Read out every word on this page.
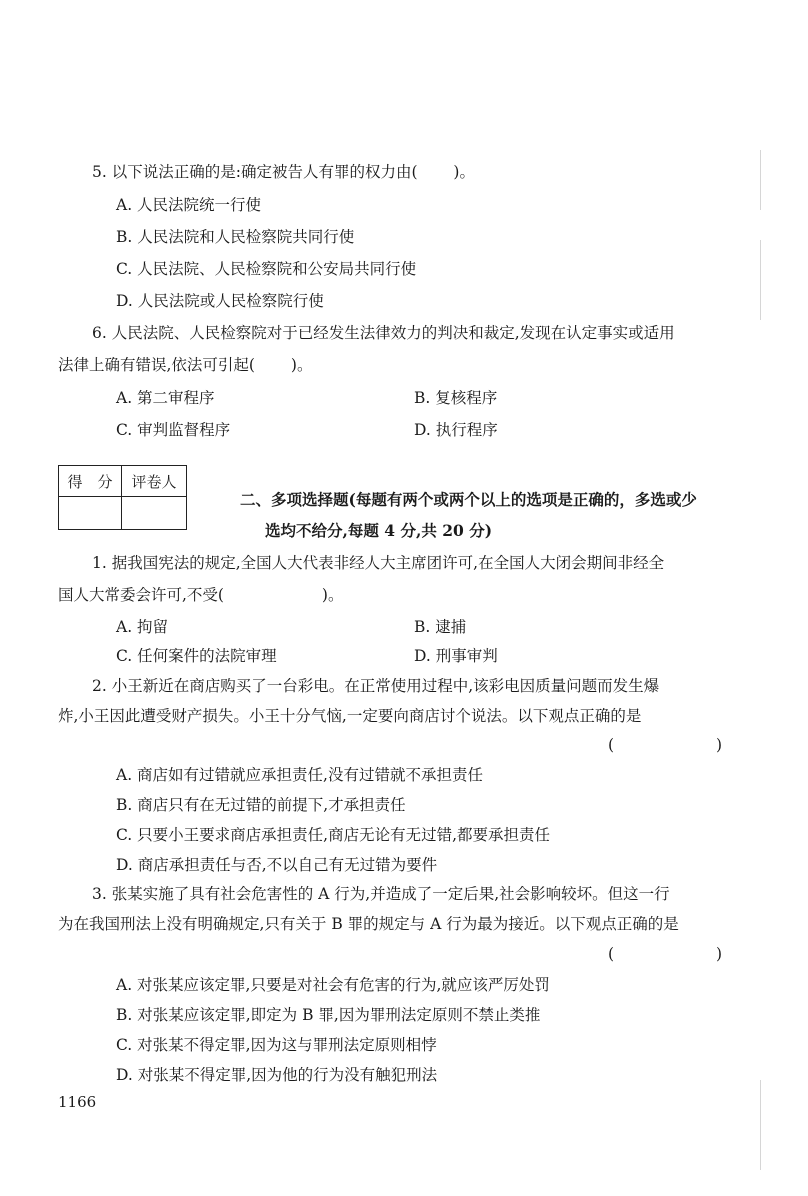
5. 以下说法正确的是:确定被告人有罪的权力由(　　 )。
A. 人民法院统一行使
B. 人民法院和人民检察院共同行使
C. 人民法院、人民检察院和公安局共同行使
D. 人民法院或人民检察院行使
6. 人民法院、人民检察院对于已经发生法律效力的判决和裁定,发现在认定事实或适用
法律上确有错误,依法可引起(　　 )。
A. 第二审程序	B. 复核程序
C. 审判监督程序	D. 执行程序
得　分	评卷人

二、多项选择题(每题有两个或两个以上的选项是正确的，多选或少
选均不给分,每题 4 分,共 20 分)
1. 据我国宪法的规定,全国人大代表非经人大主席团许可,在全国人大闭会期间非经全
国人大常委会许可,不受(　　　　　　 )。
A. 拘留	B. 逮捕
C. 任何案件的法院审理	D. 刑事审判
2. 小王新近在商店购买了一台彩电。在正常使用过程中,该彩电因质量问题而发生爆
炸,小王因此遭受财产损失。小王十分气恼,一定要向商店讨个说法。以下观点正确的是
(	)
A. 商店如有过错就应承担责任,没有过错就不承担责任
B. 商店只有在无过错的前提下,才承担责任
C. 只要小王要求商店承担责任,商店无论有无过错,都要承担责任
D. 商店承担责任与否,不以自己有无过错为要件
3. 张某实施了具有社会危害性的 A 行为,并造成了一定后果,社会影响较坏。但这一行
为在我国刑法上没有明确规定,只有关于 B 罪的规定与 A 行为最为接近。以下观点正确的是
(	)
A. 对张某应该定罪,只要是对社会有危害的行为,就应该严厉处罚
B. 对张某应该定罪,即定为 B 罪,因为罪刑法定原则不禁止类推
C. 对张某不得定罪,因为这与罪刑法定原则相悖
D. 对张某不得定罪,因为他的行为没有触犯刑法
1166
